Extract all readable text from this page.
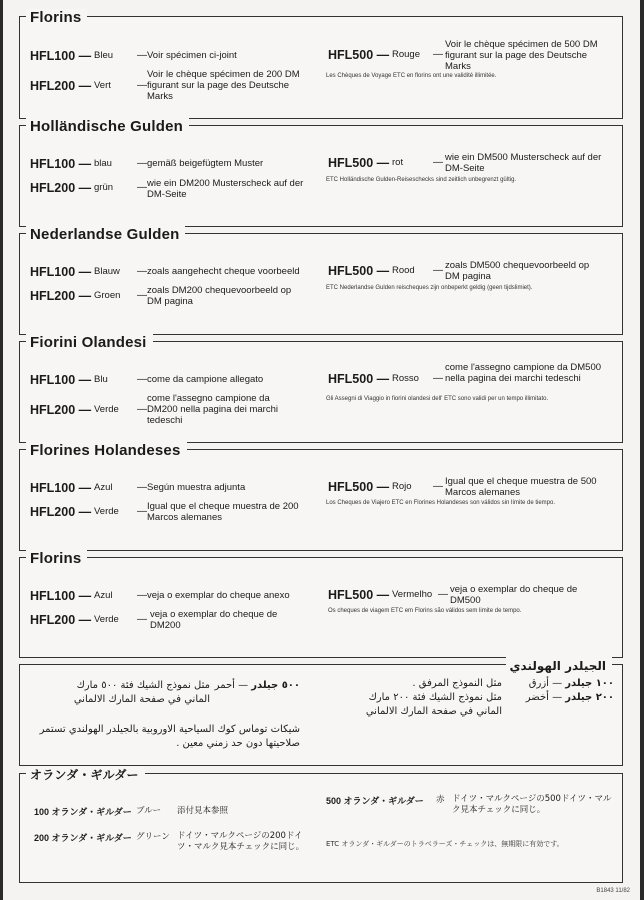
Florins
HFL100 — Bleu — Voir spécimen ci-joint
HFL200 — Vert	—
Voir le chèque spécimen de 200 DM figurant sur la page des Deutsche Marks
HFL500 — Rouge —
Voir le chèque spécimen de 500 DM figurant sur la page des Deutsche Marks
Les Chèques de Voyage ETC en florins ont une validité illimitée.
Holländische Gulden
HFL100 — blau	— gemäß beigefügtem Muster
HFL200 — grün — wie ein DM200 Musterscheck auf der DM-Seite
HFL500 — rot	— wie ein DM500 Musterscheck auf der DM-Seite
ETC Holländische Gulden-Reiseschecks sind zeitlich unbegrenzt gültig.
Nederlandse Gulden
HFL100 — Blauw — zoals aangehecht cheque voorbeeld
HFL200 — Groen — zoals DM200 chequevoorbeeld op DM pagina
HFL500 — Rood — zoals DM500 chequevoorbeeld op DM pagina
ETC Nederlandse Gulden reischeques zijn onbeperkt geldig (geen tijdslimiet).
Fiorini Olandesi
HFL100 — Blu	— come da campione allegato
HFL200 — Verde —
come l'assegno campione da DM200 nella pagina dei marchi tedeschi
HFL500 — Rosso —
come l'assegno campione da DM500 nella pagina dei marchi tedeschi
Gli Assegni di Viaggio in fiorini olandesi dell' ETC sono validi per un tempo illimitato.
Florines Holandeses
HFL100 — Azul — Según muestra adjunta
HFL200 — Verde — Igual que el cheque muestra de 200 Marcos alemanes
HFL500 — Rojo — Igual que el cheque muestra de 500 Marcos alemanes
Los Cheques de Viajero ETC en Florines Holandeses son válidos sin límite de tiempo.
Florins
HFL100 — Azul — veja o exemplar do cheque anexo
HFL200 — Verde — veja o exemplar do cheque de DM200
HFL500 — Vermelho — veja o exemplar do cheque de DM500
Os cheques de viagem ETC em Florins são válidos sem limite de tempo.
الجيلدر الهولندي
١٠٠ جيلدر — أزرق
مثل النموذج المرفق .
٢٠٠ جيلدر — أخضر
مثل نموذج الشيك فئة ٢٠٠ مارك
الماني في صفحة المارك الالماني
٥٠٠ جيلدر — أحمر
مثل نموذج الشيك فئة ٥٠٠ مارك
الماني في صفحة المارك الالماني
شيكات توماس كوك السياحية الاوروبية بالجيلدر الهولندي تستمر
صلاحيتها دون حد زمني معين .
オランダ・ギルダー
100 オランダ・ギルダー ブルー 添付見本参照
200 オランダ・ギルダー グリーン ドイツ・マルクページの200ドイツ・マルク見本チェックに同じ。
500 オランダ・ギルダー 赤 ドイツ・マルクページの500ドイツ・マルク見本チェックに同じ。
ETC オランダ・ギルダーのトラベラーズ・チェックは、無期限に有効です。
B1843 11/82
